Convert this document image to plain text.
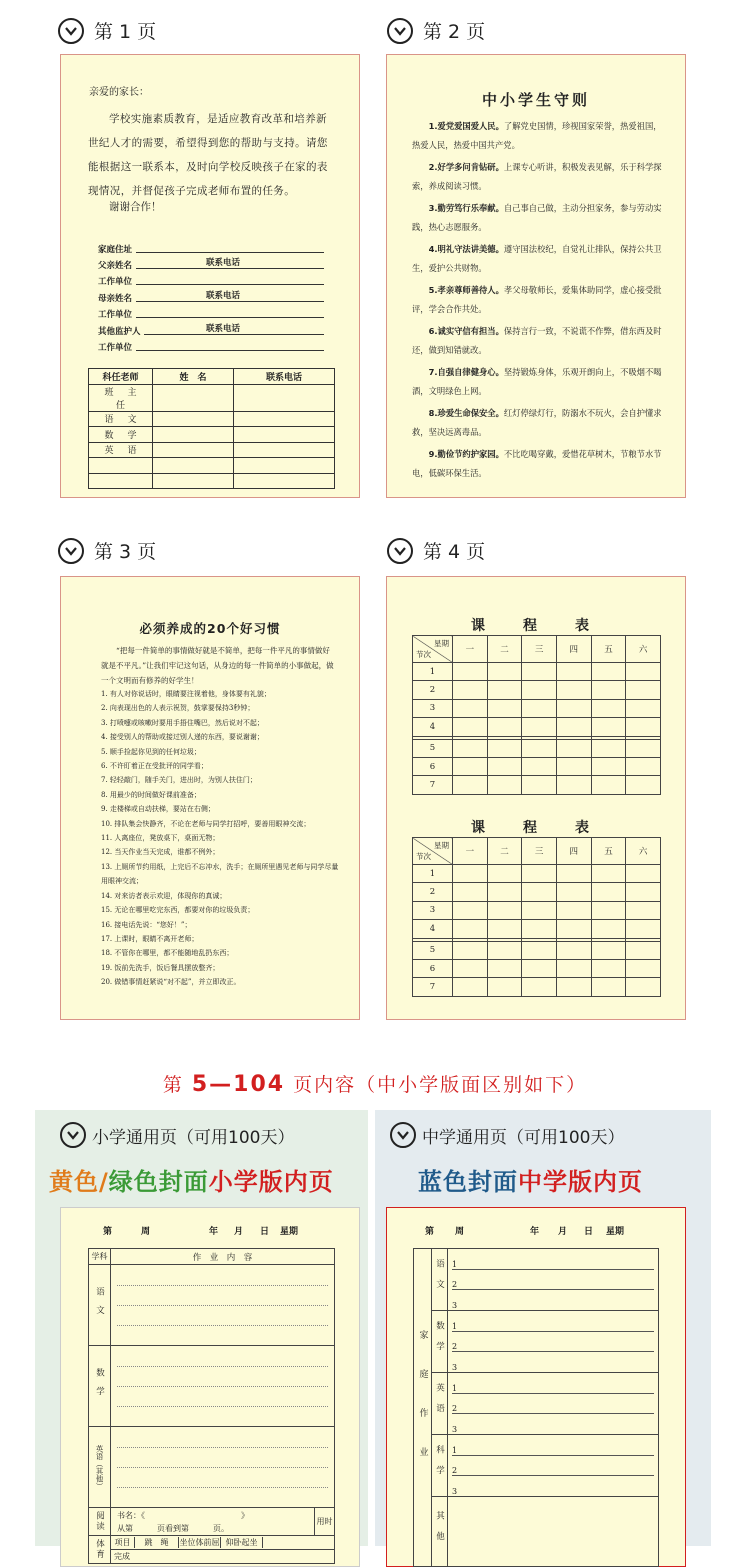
第 1 页	第 2 页
第 3 页	第 4 页
亲爱的家长：
学校实施素质教育，是适应教育改革和培养新世纪人才的需要，希望得到您的帮助与支持。请您能根据这一联系本，及时向学校反映孩子在家的表现情况，并督促孩子完成老师布置的任务。
谢谢合作！
家庭住址
父亲姓名	联系电话
工作单位
母亲姓名	联系电话
工作单位
其他监护人	联系电话
工作单位
科任老师	姓　名	联系电话
班主任		
语文		
数学		
英语		

中小学生守则
1.爱党爱国爱人民。了解党史国情，珍视国家荣誉，热爱祖国，热爱人民，热爱中国共产党。
2.好学多问肯钻研。上课专心听讲，积极发表见解，乐于科学探索，养成阅读习惯。
3.勤劳笃行乐奉献。自己事自己做，主动分担家务，参与劳动实践，热心志愿服务。
4.明礼守法讲美德。遵守国法校纪，自觉礼让排队，保持公共卫生，爱护公共财物。
5.孝亲尊师善待人。孝父母敬师长，爱集体助同学，虚心接受批评，学会合作共处。
6.诚实守信有担当。保持言行一致，不说谎不作弊，借东西及时还，做到知错就改。
7.自强自律健身心。坚持锻炼身体，乐观开朗向上，不吸烟不喝酒，文明绿色上网。
8.珍爱生命保安全。红灯停绿灯行，防溺水不玩火，会自护懂求救，坚决远离毒品。
9.勤俭节约护家园。不比吃喝穿戴，爱惜花草树木，节粮节水节电，低碳环保生活。
必须养成的20个好习惯
“把每一件简单的事情做好就是不简单，把每一件平凡的事情做好就是不平凡。”让我们牢记这句话，从身边的每一件简单的小事做起，做一个文明而有修养的好学生！
1. 有人对你说话时，眼睛要注视着他，身体要有礼貌；
2. 向表现出色的人表示祝贺，鼓掌要保持3秒钟；
3. 打喷嚏或咳嗽时要用手捂住嘴巴，然后说对不起；
4. 接受别人的帮助或接过别人递的东西，要说谢谢；
5. 顺手捡起你见到的任何垃圾；
6. 不许盯着正在受批评的同学看；
7. 轻轻敲门，随手关门，进出时，为别人扶住门；
8. 用最少的时间做好课前准备；
9. 走楼梯或自动扶梯，要站在右侧；
10. 排队集会快静齐，不论在老师与同学打招呼，要善用眼神交流；
11. 人离座位，凳放桌下，桌面无物；
12. 当天作业当天完成，谁都不例外；
13. 上厕所节约用纸，上完后不忘冲水，洗手；在厕所里遇见老师与同学尽量用眼神交流；
14. 对来访者表示欢迎，体现你的真诚；
15. 无论在哪里吃完东西，都要对你的垃圾负责；
16. 接电话先说：“您好！”；
17. 上课时，眼睛不离开老师；
18. 不管你在哪里，都不能随地乱扔东西；
19. 饭前先洗手，饭后餐具摆放整齐；
20. 做错事情赶紧说“对不起”，并立即改正。
课　程　表
星期
节次	一	二	三	四	五	六
1						
2						
3						
4						

5						
6						
7						
课　程　表
星期
节次	一	二	三	四	五	六
1						
2						
3						
4						

5						
6						
7						
第 5—104 页内容（中小学版面区别如下）
小学通用页（可用100天）	中学通用页（可用100天）
黄色/绿色封面小学版内页	蓝色封面中学版内页
第	周	年	月	日	星期
学科	作　业　内　容	
语文		

数学		

英语（其他）		

阅读	书名：《　　　　　　　　　　　　》
从第　　　页看到第　　　页。	用时
体育	项目 跳　绳 坐位体前屈 仰卧起坐	

	完成	
第	周	年	月	日	星期
家庭作业	语文	1
2
3

	数学	1
2
3

	英语	1
2
3

	科学	1
2
3

	其他	
